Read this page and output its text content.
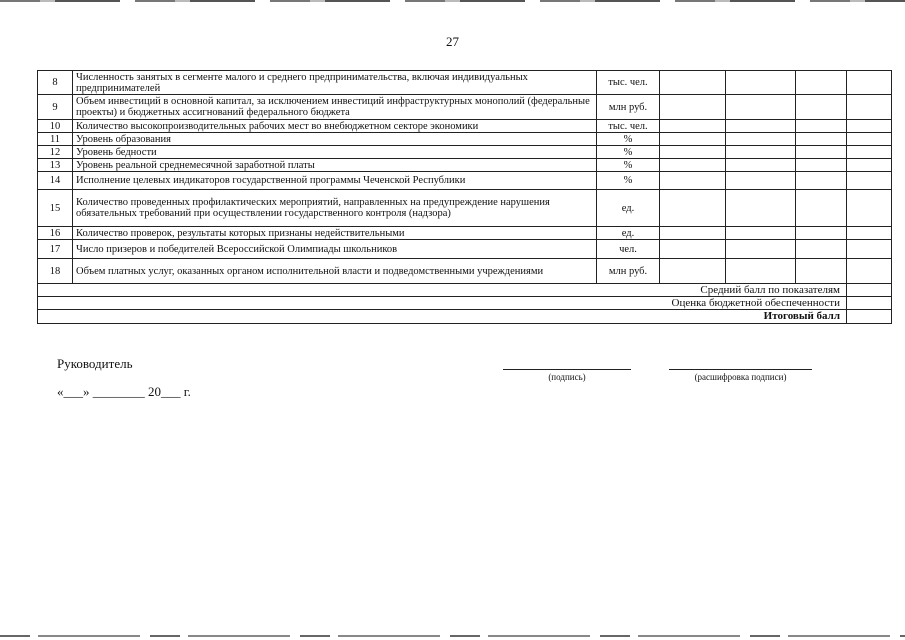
27
8	Численность занятых в сегменте малого и среднего предпринимательства, включая индивидуальных предпринимателей	тыс. чел.				
9	Объем инвестиций в основной капитал, за исключением инвестиций инфраструктурных монополий (федеральные проекты) и бюджетных ассигнований федерального бюджета	млн руб.				
10	Количество высокопроизводительных рабочих мест во внебюджетном секторе экономики	тыс. чел.				
11	Уровень образования	%				
12	Уровень бедности	%				
13	Уровень реальной среднемесячной заработной платы	%				
14	Исполнение целевых индикаторов государственной программы Чеченской Республики	%				
15	Количество проведенных профилактических мероприятий, направленных на предупреждение нарушения обязательных требований при осуществлении государственного контроля (надзора)	ед.				
16	Количество проверок, результаты которых признаны недействительными	ед.				
17	Число призеров и победителей Всероссийской Олимпиады школьников	чел.				
18	Объем платных услуг, оказанных органом исполнительной власти и подведомственными учреждениями	млн руб.				
Средний балл по показателям						
Оценка бюджетной обеспеченности						
Итоговый балл						
Руководитель
(подпись)	(расшифровка подписи)
«___» ________ 20___ г.
